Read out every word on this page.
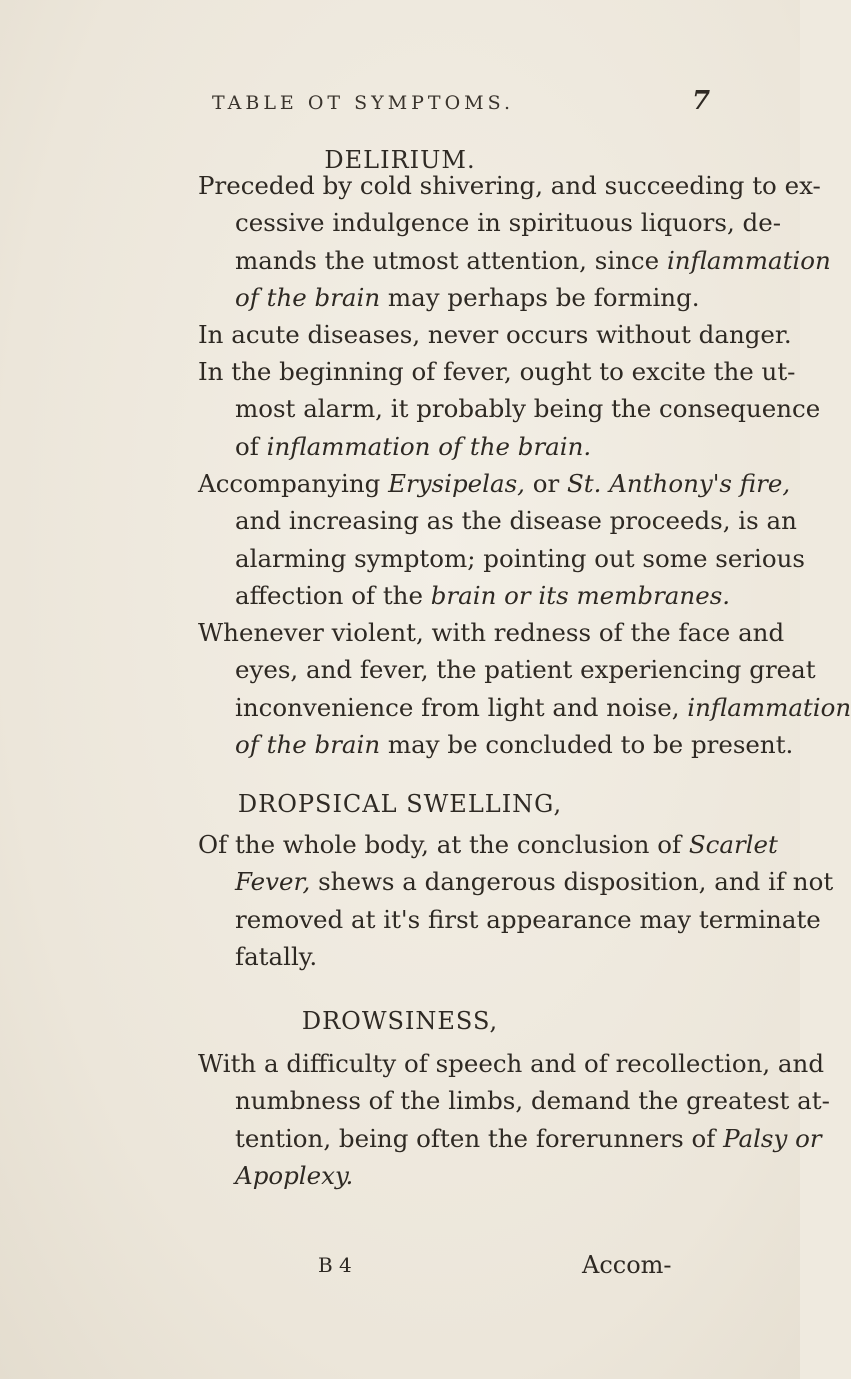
TABLE OT SYMPTOMS.	7
DELIRIUM.
Preceded by cold shivering, and succeeding to ex-
cessive indulgence in spirituous liquors, de-
mands the utmost attention, since inflammation
of the brain may perhaps be forming.
In acute diseases, never occurs without danger.
In the beginning of fever, ought to excite the ut-
most alarm, it probably being the consequence
of inflammation of the brain.
Accompanying Erysipelas, or St. Anthony's fire,
and increasing as the disease proceeds, is an
alarming symptom; pointing out some serious
affection of the brain or its membranes.
Whenever violent, with redness of the face and
eyes, and fever, the patient experiencing great
inconvenience from light and noise, inflammation
of the brain may be concluded to be present.
DROPSICAL SWELLING,
Of the whole body, at the conclusion of Scarlet
Fever, shews a dangerous disposition, and if not
removed at it's first appearance may terminate
fatally.
DROWSINESS,
With a difficulty of speech and of recollection, and
numbness of the limbs, demand the greatest at-
tention, being often the forerunners of Palsy or
Apoplexy.
B 4	Accom-
